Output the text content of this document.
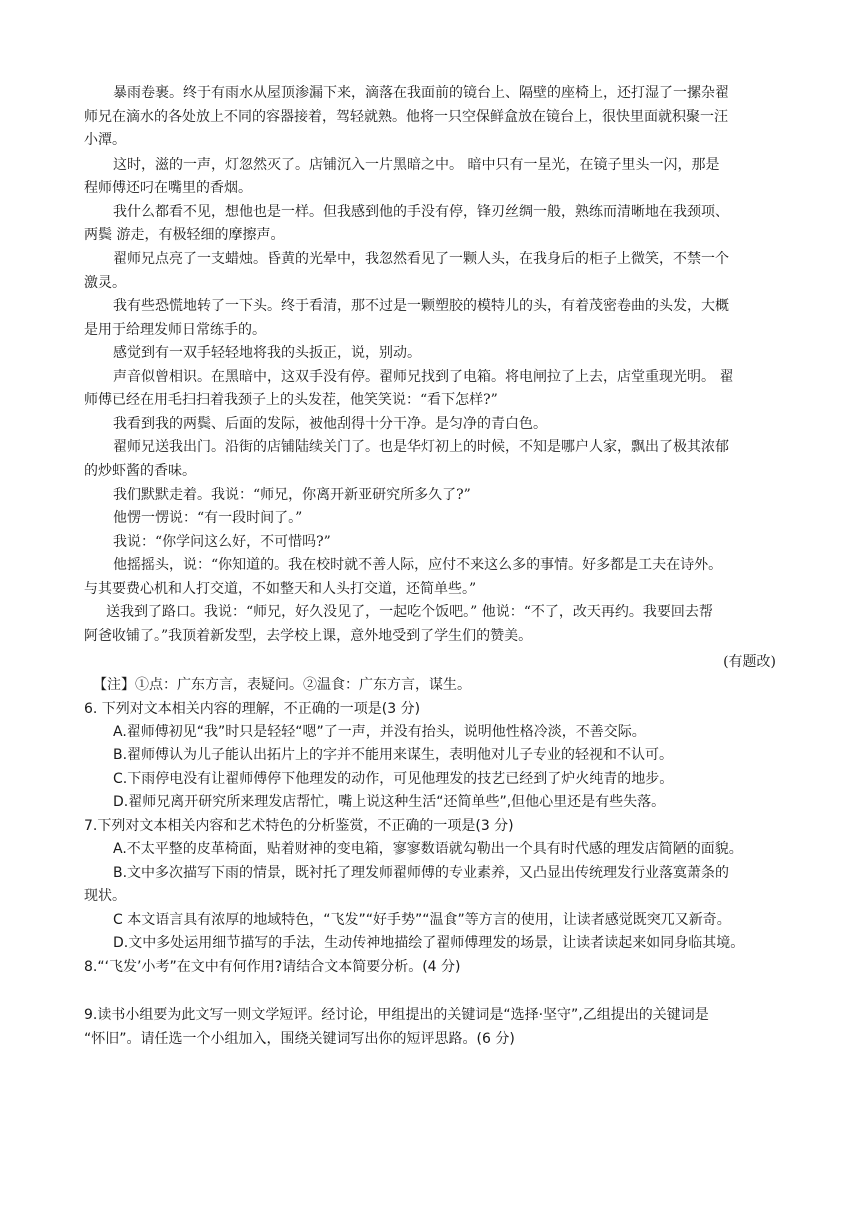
暴雨卷裹。终于有雨水从屋顶渗漏下来，滴落在我面前的镜台上、隔壁的座椅上，还打湿了一摞杂翟
师兄在滴水的各处放上不同的容器接着，驾轻就熟。他将一只空保鲜盒放在镜台上，很快里面就积聚一汪
小潭。
这时，滋的一声，灯忽然灭了。店铺沉入一片黑暗之中。 暗中只有一星光，在镜子里头一闪，那是
程师傅还叼在嘴里的香烟。
我什么都看不见，想他也是一样。但我感到他的手没有停，锋刃丝绸一般，熟练而清晰地在我颈项、
两鬓 游走，有极轻细的摩擦声。
翟师兄点亮了一支蜡烛。昏黄的光晕中，我忽然看见了一颗人头，在我身后的柜子上微笑，不禁一个
激灵。
我有些恐慌地转了一下头。终于看清，那不过是一颗塑胶的模特儿的头，有着茂密卷曲的头发，大概
是用于给理发师日常练手的。
感觉到有一双手轻轻地将我的头扳正，说，别动。
声音似曾相识。在黑暗中，这双手没有停。翟师兄找到了电箱。将电闸拉了上去，店堂重现光明。 翟
师傅已经在用毛扫扫着我颈子上的头发茬，他笑笑说：“看下怎样?”
我看到我的两鬓、后面的发际，被他刮得十分干净。是匀净的青白色。
翟师兄送我出门。沿街的店铺陆续关门了。也是华灯初上的时候，不知是哪户人家，飘出了极其浓郁
的炒虾酱的香味。
我们默默走着。我说：“师兄，你离开新亚研究所多久了?”
他愣一愣说：“有一段时间了。”
我说：“你学问这么好，不可惜吗?”
他摇摇头，说：“你知道的。我在校时就不善人际，应付不来这么多的事情。好多都是工夫在诗外。
与其要费心机和人打交道，不如整天和人头打交道，还简单些。”
送我到了路口。我说：“师兄，好久没见了，一起吃个饭吧。” 他说：“不了，改天再约。我要回去帮
阿爸收铺了。”我顶着新发型，去学校上课，意外地受到了学生们的赞美。
(有题改)
【注】①点：广东方言，表疑问。②温食：广东方言，谋生。
6. 下列对文本相关内容的理解，不正确的一项是(3 分)
A.翟师傅初见“我”时只是轻轻“嗯”了一声，并没有抬头，说明他性格冷淡，不善交际。
B.翟师傅认为儿子能认出拓片上的字并不能用来谋生，表明他对儿子专业的轻视和不认可。
C.下雨停电没有让翟师傅停下他理发的动作，可见他理发的技艺已经到了炉火纯青的地步。
D.翟师兄离开研究所来理发店帮忙，嘴上说这种生活“还简单些”,但他心里还是有些失落。
7.下列对文本相关内容和艺术特色的分析鉴赏，不正确的一项是(3 分)
A.不太平整的皮革椅面，贴着财神的变电箱，寥寥数语就勾勒出一个具有时代感的理发店简陋的面貌。
B.文中多次描写下雨的情景，既衬托了理发师翟师傅的专业素养，又凸显出传统理发行业落寞萧条的
现状。
C 本文语言具有浓厚的地域特色，“飞发”“好手势”“温食”等方言的使用，让读者感觉既突兀又新奇。
D.文中多处运用细节描写的手法，生动传神地描绘了翟师傅理发的场景，让读者读起来如同身临其境。
8.“‘飞发’小考”在文中有何作用?请结合文本简要分析。(4 分)
9.读书小组要为此文写一则文学短评。经讨论，甲组提出的关键词是“选择·坚守”,乙组提出的关键词是
“怀旧”。请任选一个小组加入，围绕关键词写出你的短评思路。(6 分)
